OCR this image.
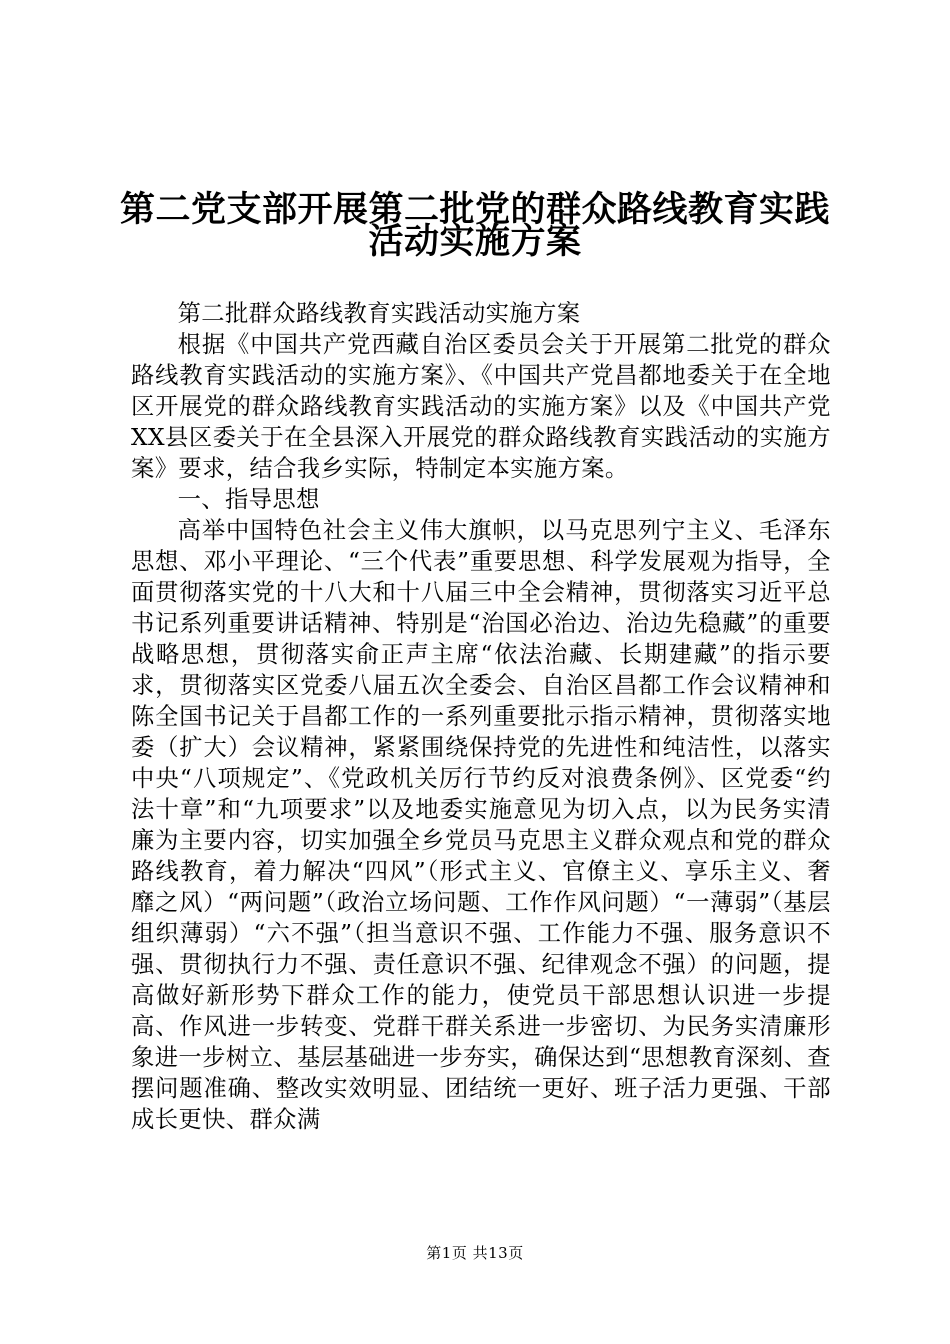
第二党支部开展第二批党的群众路线教育实践
活动实施方案

第二批群众路线教育实践活动实施方案

根据《中国共产党西藏自治区委员会关于开展第二批党的群众路线教育实践活动的实施方案》、《中国共产党昌都地委关于在全地区开展党的群众路线教育实践活动的实施方案》以及《中国共产党XX县区委关于在全县深入开展党的群众路线教育实践活动的实施方案》要求，结合我乡实际，特制定本实施方案。

一、指导思想

高举中国特色社会主义伟大旗帜，以马克思列宁主义、毛泽东思想、邓小平理论、“三个代表”重要思想、科学发展观为指导，全面贯彻落实党的十八大和十八届三中全会精神，贯彻落实习近平总书记系列重要讲话精神、特别是“治国必治边、治边先稳藏”的重要战略思想，贯彻落实俞正声主席“依法治藏、长期建藏”的指示要求，贯彻落实区党委八届五次全委会、自治区昌都工作会议精神和陈全国书记关于昌都工作的一系列重要批示指示精神，贯彻落实地委（扩大）会议精神，紧紧围绕保持党的先进性和纯洁性，以落实中央“八项规定”、《党政机关厉行节约反对浪费条例》、区党委“约法十章”和“九项要求”以及地委实施意见为切入点，以为民务实清廉为主要内容，切实加强全乡党员马克思主义群众观点和党的群众路线教育，着力解决“四风”（形式主义、官僚主义、享乐主义、奢靡之风）“两问题”（政治立场问题、工作作风问题）“一薄弱”（基层组织薄弱）“六不强”（担当意识不强、工作能力不强、服务意识不强、贯彻执行力不强、责任意识不强、纪律观念不强）的问题，提高做好新形势下群众工作的能力，使党员干部思想认识进一步提高、作风进一步转变、党群干群关系进一步密切、为民务实清廉形象进一步树立、基层基础进一步夯实，确保达到“思想教育深刻、查摆问题准确、整改实效明显、团结统一更好、班子活力更强、干部成长更快、群众满

第1页 共13页
